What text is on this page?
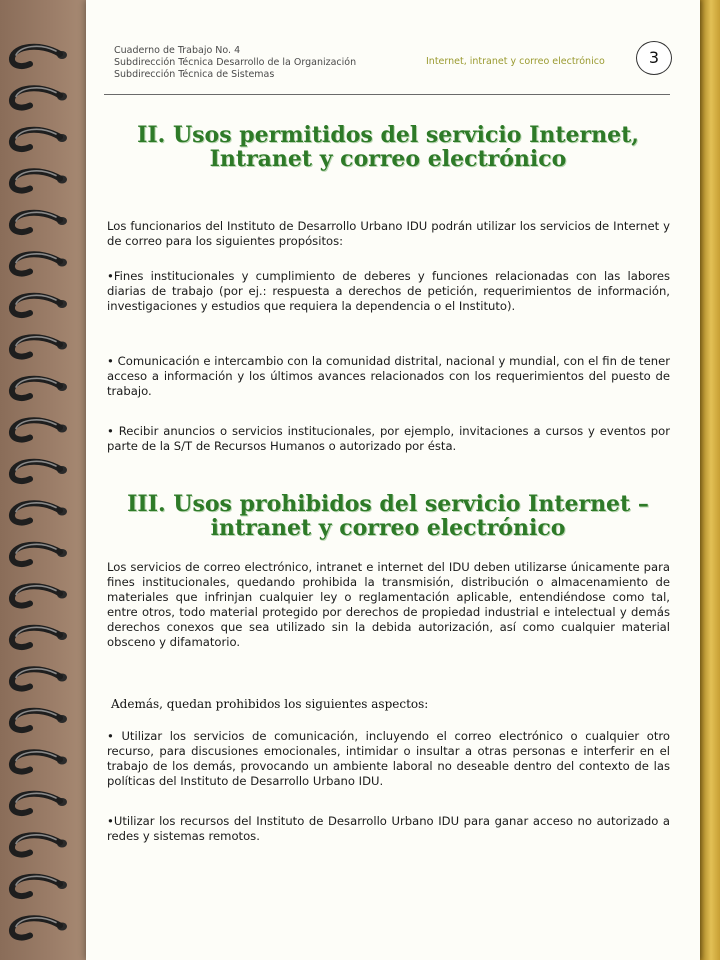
Cuaderno de Trabajo No. 4
Subdirección Técnica Desarrollo de la Organización
Subdirección Técnica de Sistemas
Internet, intranet y correo electrónico	3
II. Usos permitidos del servicio Internet, Intranet y correo electrónico
Los funcionarios del Instituto de Desarrollo Urbano IDU podrán utilizar los servicios de Internet y de correo para los siguientes propósitos:
•Fines institucionales y cumplimiento de deberes y funciones relacionadas con las labores diarias de trabajo (por ej.: respuesta a derechos de petición, requerimientos de información, investigaciones y estudios que requiera la dependencia o el Instituto).
• Comunicación e intercambio con la comunidad distrital, nacional y mundial, con el fin de tener acceso a información y los últimos avances relacionados con los requerimientos del puesto de trabajo.
• Recibir anuncios o servicios institucionales, por ejemplo, invitaciones a cursos y eventos por parte de la S/T de Recursos Humanos o autorizado por ésta.
III. Usos prohibidos del servicio Internet – intranet y correo electrónico
Los servicios de correo electrónico, intranet e internet del IDU deben utilizarse únicamente para fines institucionales, quedando prohibida la transmisión, distribución o almacenamiento de materiales que infrinjan cualquier ley o reglamentación aplicable, entendiéndose como tal, entre otros, todo material protegido por derechos de propiedad industrial e intelectual y demás derechos conexos que sea utilizado sin la debida autorización, así como cualquier material obsceno y difamatorio.
Además, quedan prohibidos los siguientes aspectos:
• Utilizar los servicios de comunicación, incluyendo el correo electrónico o cualquier otro recurso, para discusiones emocionales, intimidar o insultar a otras personas e interferir en el trabajo de los demás, provocando un ambiente laboral no deseable dentro del contexto de las políticas del Instituto de Desarrollo Urbano IDU.
•Utilizar los recursos del Instituto de Desarrollo Urbano IDU para ganar acceso no autorizado a redes y sistemas remotos.
